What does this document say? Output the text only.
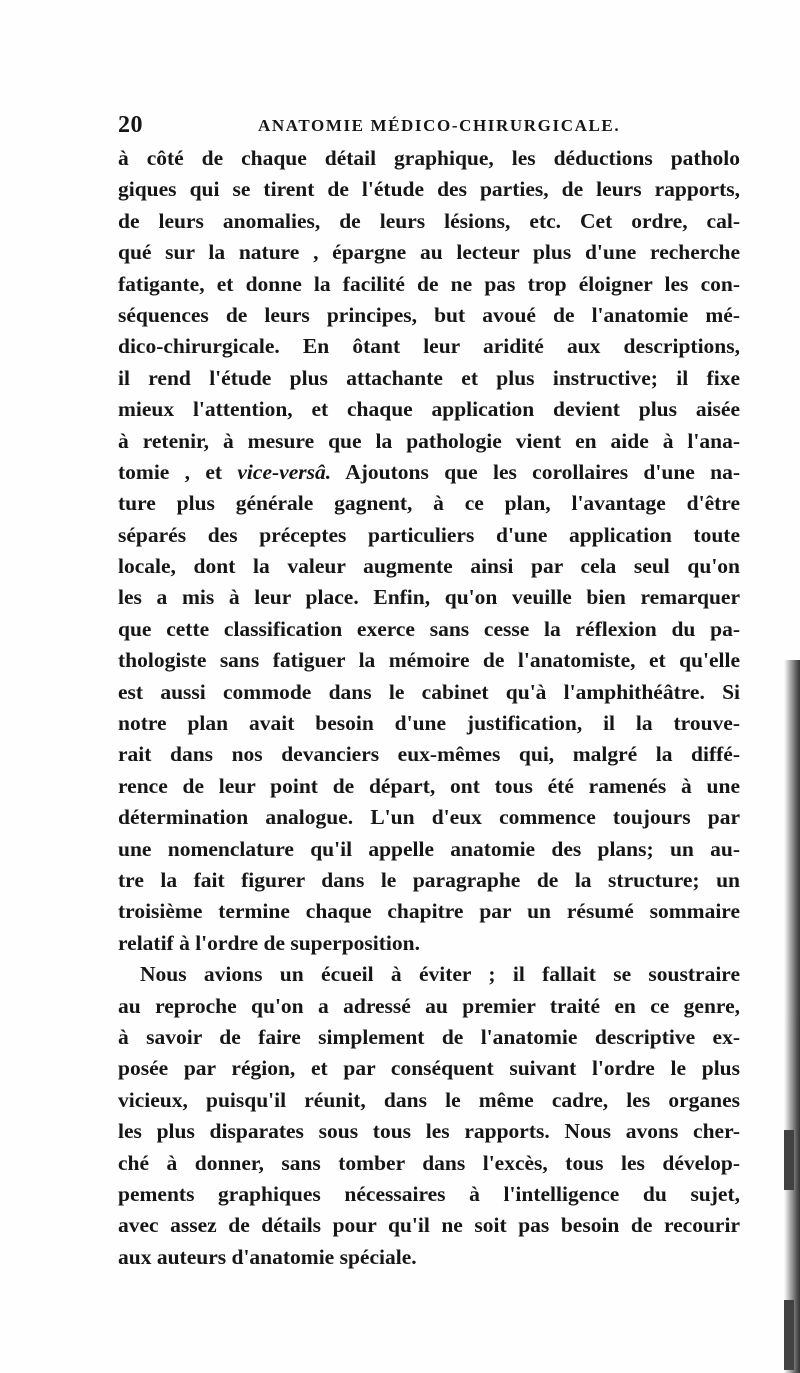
20	ANATOMIE MÉDICO-CHIRURGICALE.
à côté de chaque détail graphique, les déductions patholo
giques qui se tirent de l'étude des parties, de leurs rapports,
de leurs anomalies, de leurs lésions, etc. Cet ordre, cal-
qué sur la nature , épargne au lecteur plus d'une recherche
fatigante, et donne la facilité de ne pas trop éloigner les con-
séquences de leurs principes, but avoué de l'anatomie mé-
dico-chirurgicale. En ôtant leur aridité aux descriptions,
il rend l'étude plus attachante et plus instructive; il fixe
mieux l'attention, et chaque application devient plus aisée
à retenir, à mesure que la pathologie vient en aide à l'ana-
tomie , et vice-versâ. Ajoutons que les corollaires d'une na-
ture plus générale gagnent, à ce plan, l'avantage d'être
séparés des préceptes particuliers d'une application toute
locale, dont la valeur augmente ainsi par cela seul qu'on
les a mis à leur place. Enfin, qu'on veuille bien remarquer
que cette classification exerce sans cesse la réflexion du pa-
thologiste sans fatiguer la mémoire de l'anatomiste, et qu'elle
est aussi commode dans le cabinet qu'à l'amphithéâtre. Si
notre plan avait besoin d'une justification, il la trouve-
rait dans nos devanciers eux-mêmes qui, malgré la diffé-
rence de leur point de départ, ont tous été ramenés à une
détermination analogue. L'un d'eux commence toujours par
une nomenclature qu'il appelle anatomie des plans; un au-
tre la fait figurer dans le paragraphe de la structure; un
troisième termine chaque chapitre par un résumé sommaire
relatif à l'ordre de superposition.
Nous avions un écueil à éviter ; il fallait se soustraire
au reproche qu'on a adressé au premier traité en ce genre,
à savoir de faire simplement de l'anatomie descriptive ex-
posée par région, et par conséquent suivant l'ordre le plus
vicieux, puisqu'il réunit, dans le même cadre, les organes
les plus disparates sous tous les rapports. Nous avons cher-
ché à donner, sans tomber dans l'excès, tous les dévelop-
pements graphiques nécessaires à l'intelligence du sujet,
avec assez de détails pour qu'il ne soit pas besoin de recourir
aux auteurs d'anatomie spéciale.
